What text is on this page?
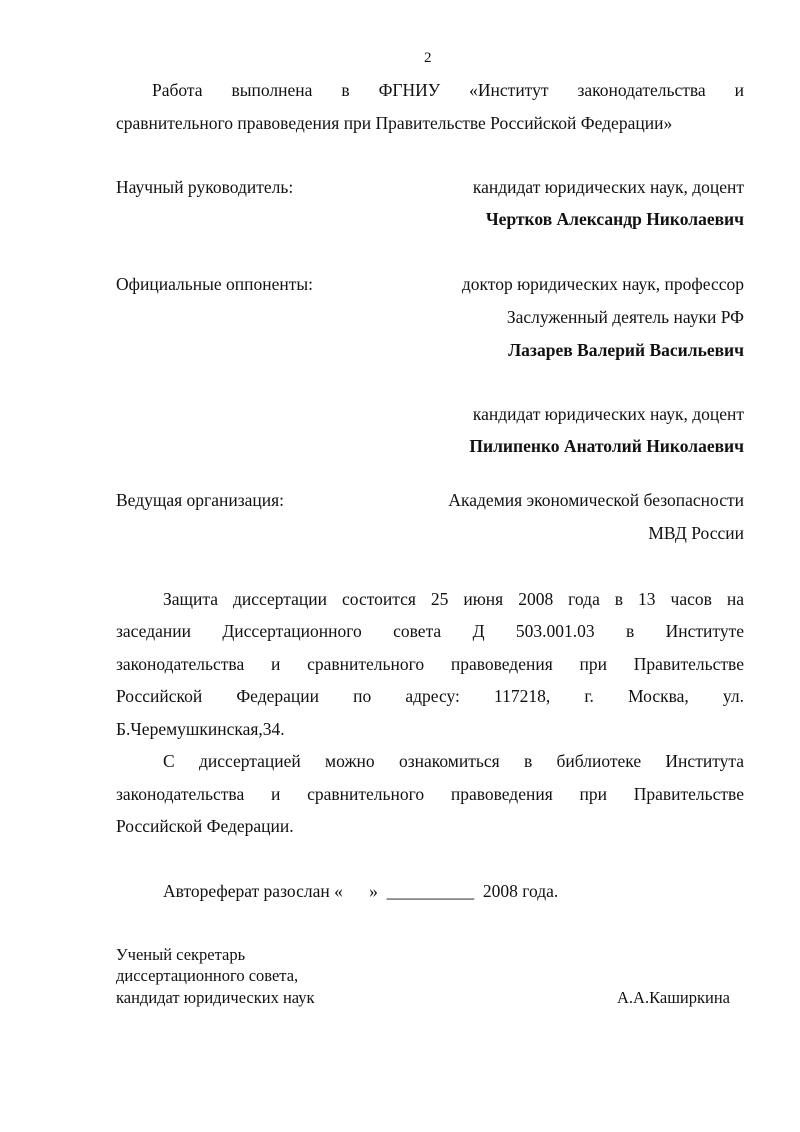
2
Работа выполнена в ФГНИУ «Институт законодательства и
сравнительного правоведения при Правительстве Российской Федерации»
Научный руководитель:	кандидат юридических наук, доцент
Чертков Александр Николаевич
Официальные оппоненты:	доктор юридических наук, профессор
Заслуженный деятель науки РФ
Лазарев Валерий Васильевич
кандидат юридических наук, доцент
Пилипенко Анатолий Николаевич
Ведущая организация:	Академия экономической безопасности
МВД России
Защита диссертации состоится 25 июня 2008 года в 13 часов на
заседании Диссертационного совета Д 503.001.03 в Институте
законодательства и сравнительного правоведения при Правительстве
Российской Федерации по адресу: 117218, г. Москва, ул.
Б.Черемушкинская,34.
С диссертацией можно ознакомиться в библиотеке Института
законодательства и сравнительного правоведения при Правительстве
Российской Федерации.
Автореферат разослан «      »  __________  2008 года.
Ученый секретарь
диссертационного совета,
кандидат юридических наук	А.А.Каширкина
